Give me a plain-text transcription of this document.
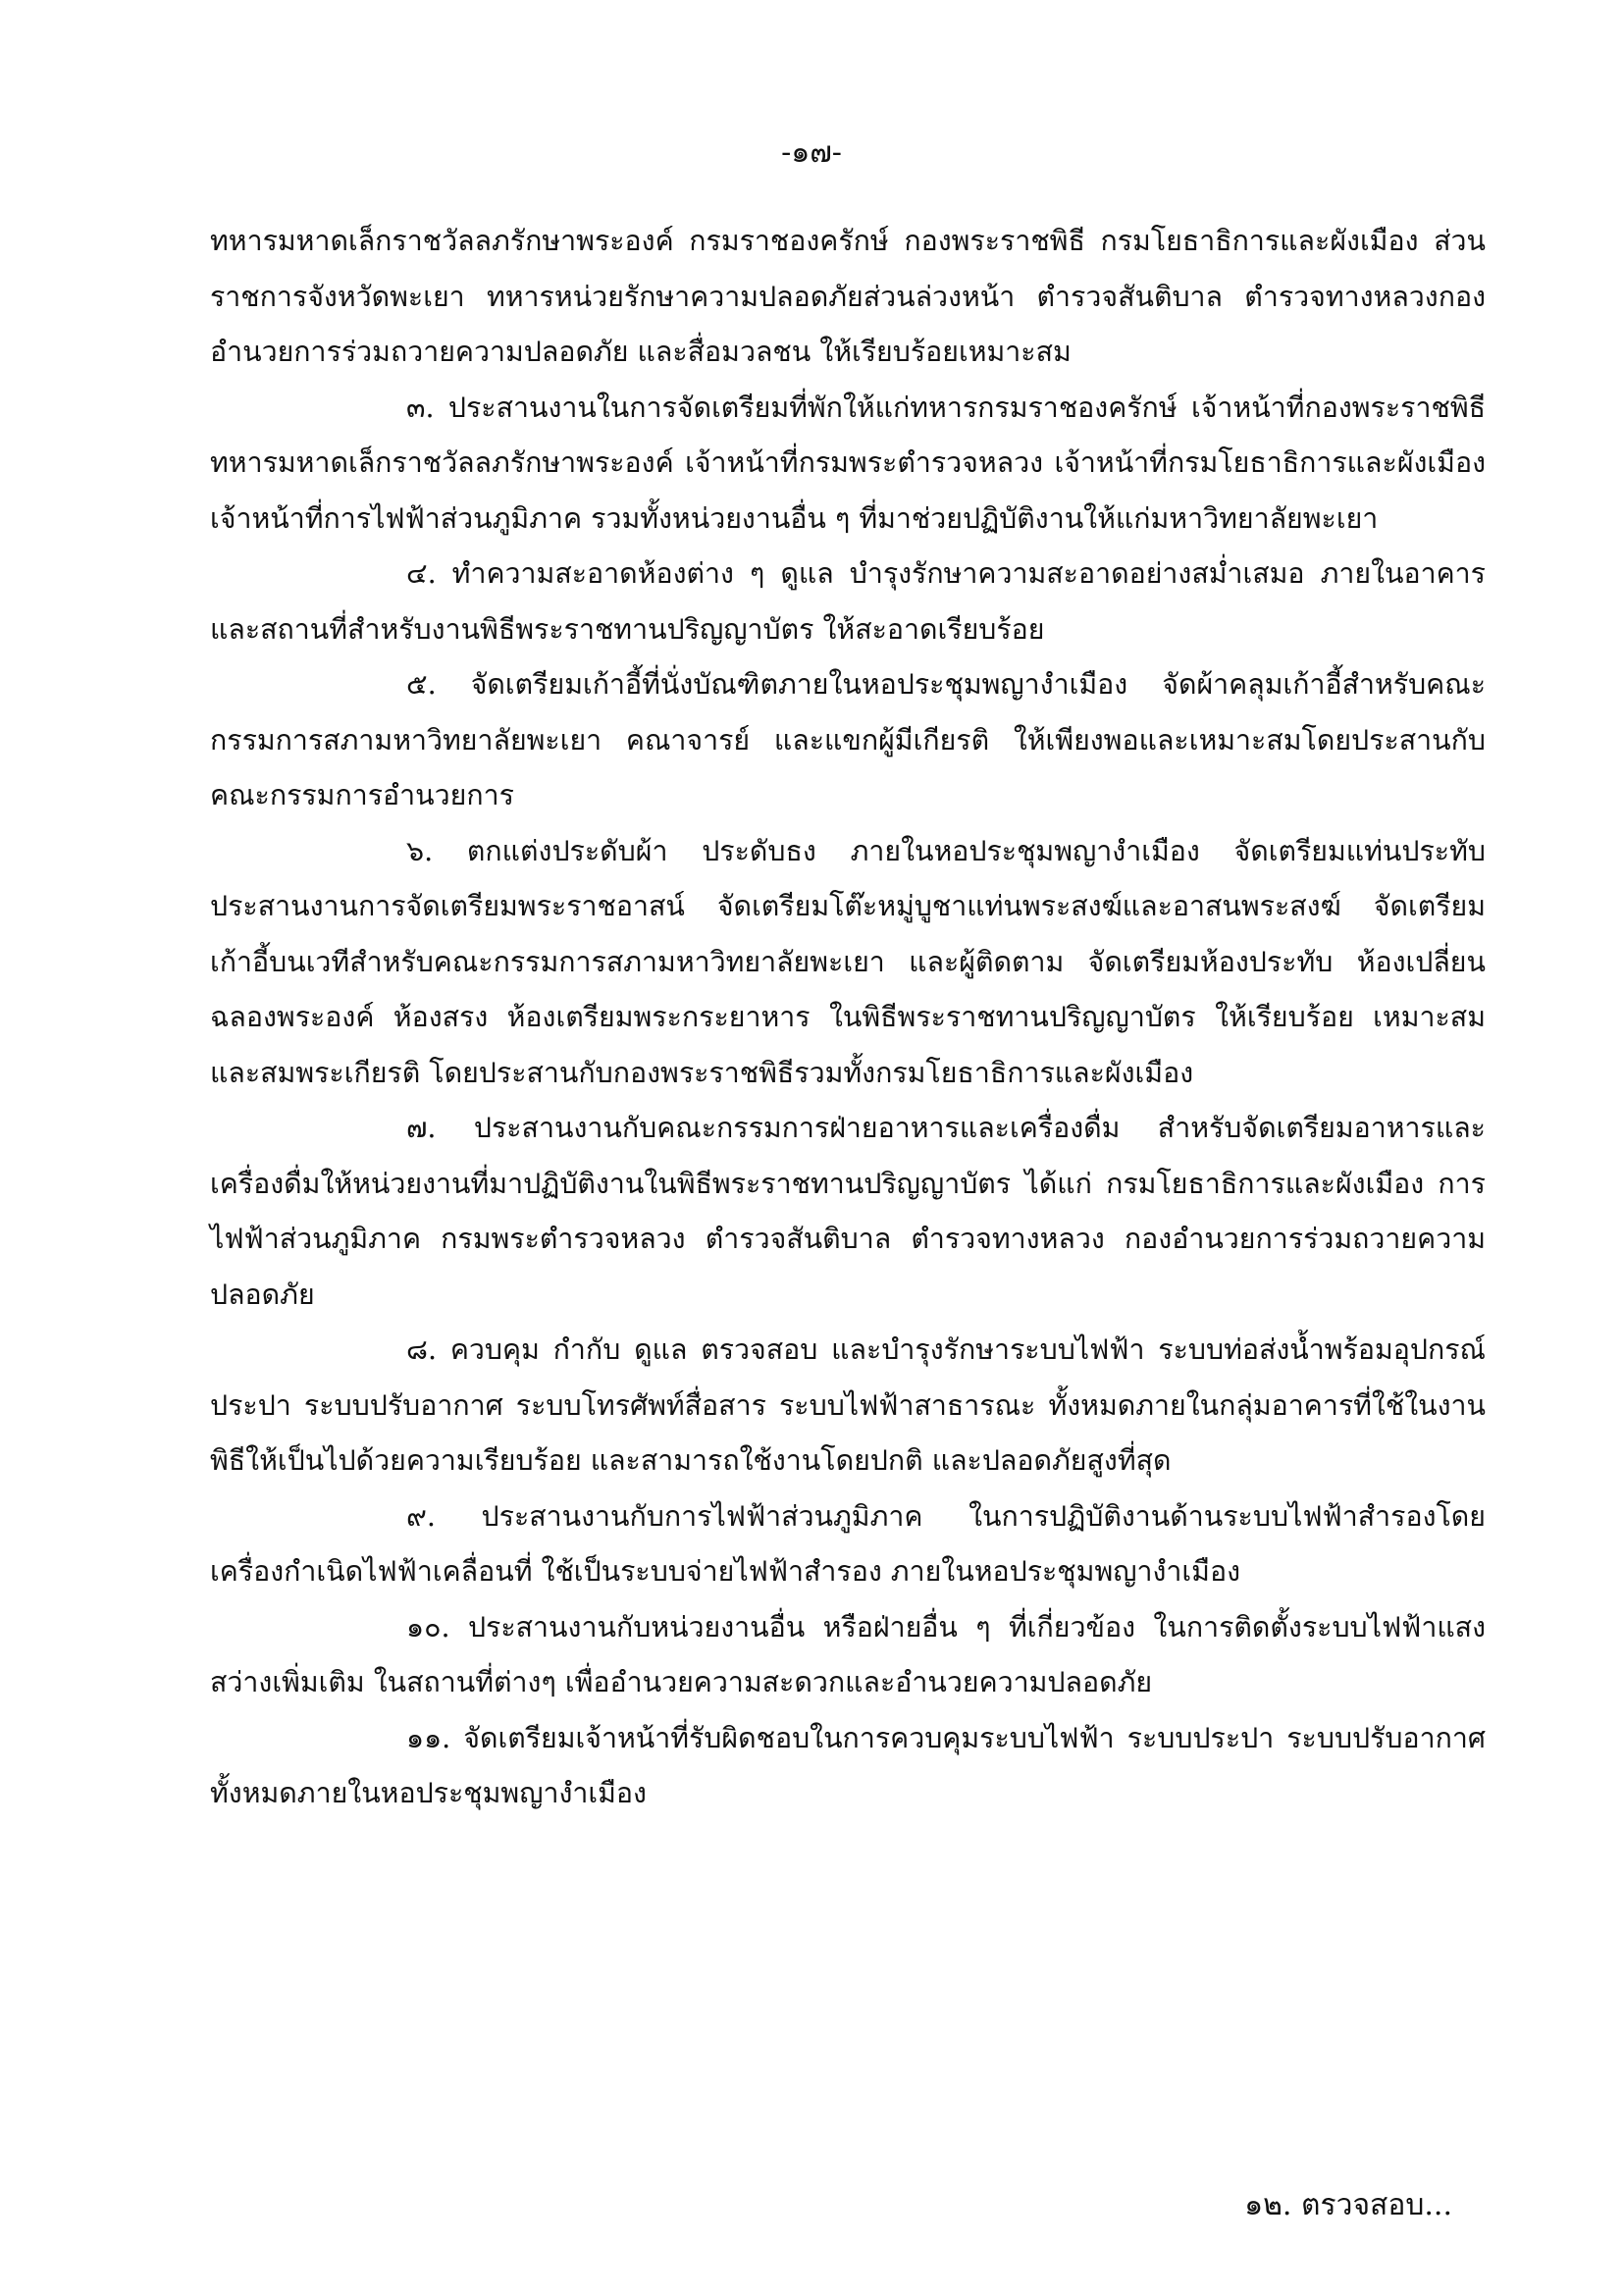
-๑๗-

ทหารมหาดเล็กราชวัลลภรักษาพระองค์ กรมราชองครักษ์ กองพระราชพิธี กรมโยธาธิการและผังเมือง ส่วนราชการจังหวัดพะเยา ทหารหน่วยรักษาความปลอดภัยส่วนล่วงหน้า ตำรวจสันติบาล ตำรวจทางหลวงกองอำนวยการร่วมถวายความปลอดภัย และสื่อมวลชน ให้เรียบร้อยเหมาะสม

๓. ประสานงานในการจัดเตรียมที่พักให้แก่ทหารกรมราชองครักษ์ เจ้าหน้าที่กองพระราชพิธี ทหารมหาดเล็กราชวัลลภรักษาพระองค์ เจ้าหน้าที่กรมพระตำรวจหลวง เจ้าหน้าที่กรมโยธาธิการและผังเมือง เจ้าหน้าที่การไฟฟ้าส่วนภูมิภาค รวมทั้งหน่วยงานอื่น ๆ ที่มาช่วยปฏิบัติงานให้แก่มหาวิทยาลัยพะเยา

๔. ทำความสะอาดห้องต่าง ๆ ดูแล บำรุงรักษาความสะอาดอย่างสม่ำเสมอ ภายในอาคารและสถานที่สำหรับงานพิธีพระราชทานปริญญาบัตร ให้สะอาดเรียบร้อย

๕. จัดเตรียมเก้าอี้ที่นั่งบัณฑิตภายในหอประชุมพญางำเมือง จัดผ้าคลุมเก้าอี้สำหรับคณะกรรมการสภามหาวิทยาลัยพะเยา คณาจารย์ และแขกผู้มีเกียรติ ให้เพียงพอและเหมาะสมโดยประสานกับคณะกรรมการอำนวยการ

๖. ตกแต่งประดับผ้า ประดับธง ภายในหอประชุมพญางำเมือง จัดเตรียมแท่นประทับ ประสานงานการจัดเตรียมพระราชอาสน์ จัดเตรียมโต๊ะหมู่บูชาแท่นพระสงฆ์และอาสนพระสงฆ์ จัดเตรียมเก้าอี้บนเวทีสำหรับคณะกรรมการสภามหาวิทยาลัยพะเยา และผู้ติดตาม จัดเตรียมห้องประทับ ห้องเปลี่ยนฉลองพระองค์ ห้องสรง ห้องเตรียมพระกระยาหาร ในพิธีพระราชทานปริญญาบัตร ให้เรียบร้อย เหมาะสม และสมพระเกียรติ โดยประสานกับกองพระราชพิธีรวมทั้งกรมโยธาธิการและผังเมือง

๗. ประสานงานกับคณะกรรมการฝ่ายอาหารและเครื่องดื่ม สำหรับจัดเตรียมอาหารและเครื่องดื่มให้หน่วยงานที่มาปฏิบัติงานในพิธีพระราชทานปริญญาบัตร ได้แก่ กรมโยธาธิการและผังเมือง การไฟฟ้าส่วนภูมิภาค กรมพระตำรวจหลวง ตำรวจสันติบาล ตำรวจทางหลวง กองอำนวยการร่วมถวายความปลอดภัย

๘. ควบคุม กำกับ ดูแล ตรวจสอบ และบำรุงรักษาระบบไฟฟ้า ระบบท่อส่งน้ำพร้อมอุปกรณ์ประปา ระบบปรับอากาศ ระบบโทรศัพท์สื่อสาร ระบบไฟฟ้าสาธารณะ ทั้งหมดภายในกลุ่มอาคารที่ใช้ในงานพิธีให้เป็นไปด้วยความเรียบร้อย และสามารถใช้งานโดยปกติ และปลอดภัยสูงที่สุด

๙. ประสานงานกับการไฟฟ้าส่วนภูมิภาค ในการปฏิบัติงานด้านระบบไฟฟ้าสำรองโดยเครื่องกำเนิดไฟฟ้าเคลื่อนที่ ใช้เป็นระบบจ่ายไฟฟ้าสำรอง ภายในหอประชุมพญางำเมือง

๑๐. ประสานงานกับหน่วยงานอื่น หรือฝ่ายอื่น ๆ ที่เกี่ยวข้อง ในการติดตั้งระบบไฟฟ้าแสงสว่างเพิ่มเติม ในสถานที่ต่างๆ เพื่ออำนวยความสะดวกและอำนวยความปลอดภัย

๑๑. จัดเตรียมเจ้าหน้าที่รับผิดชอบในการควบคุมระบบไฟฟ้า ระบบประปา ระบบปรับอากาศทั้งหมดภายในหอประชุมพญางำเมือง

๑๒. ตรวจสอบ...
